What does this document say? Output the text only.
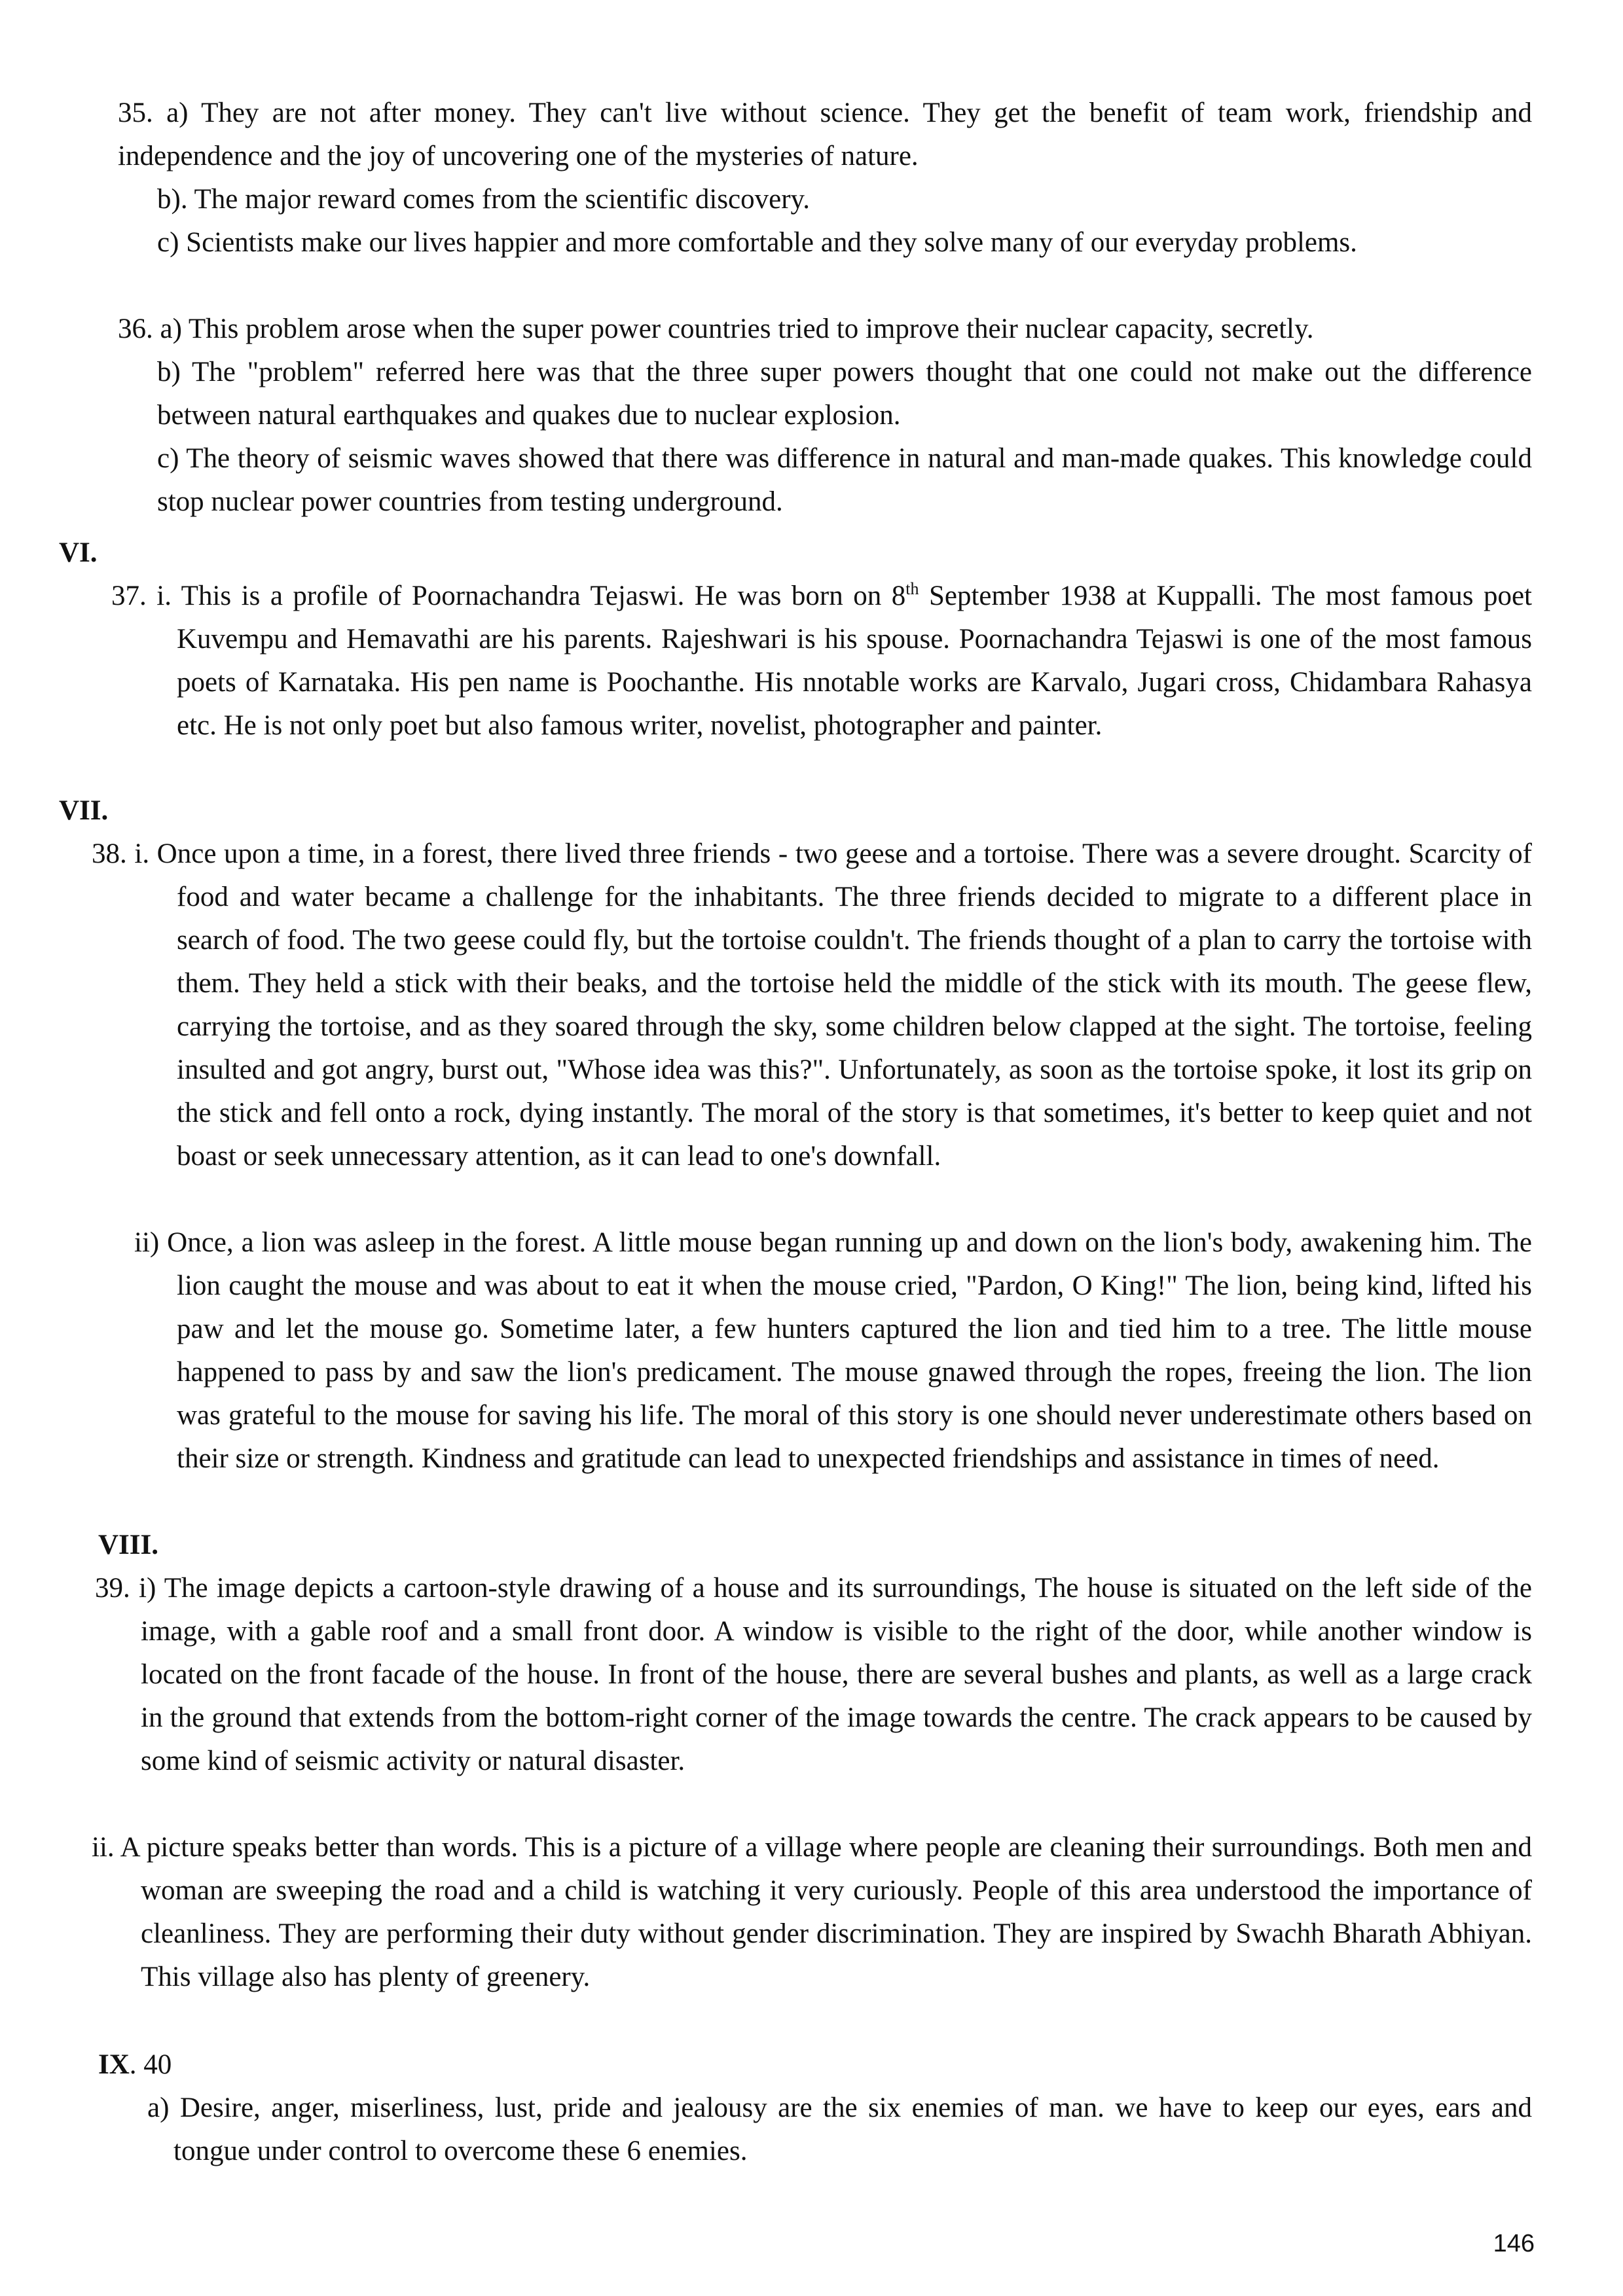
35. a) They are not after money. They can't live without science. They get the benefit of team work, friendship and independence and the joy of uncovering one of the mysteries of nature.

b). The major reward comes from the scientific discovery.

c) Scientists make our lives happier and more comfortable and they solve many of our everyday problems.

36. a) This problem arose when the super power countries tried to improve their nuclear capacity, secretly.

b) The "problem" referred here was that the three super powers thought that one could not make out the difference between natural earthquakes and quakes due to nuclear explosion.

c) The theory of seismic waves showed that there was difference in natural and man-made quakes. This knowledge could stop nuclear power countries from testing underground.

VI.

37. i. This is a profile of Poornachandra Tejaswi. He was born on 8th September 1938 at Kuppalli. The most famous poet Kuvempu and Hemavathi are his parents. Rajeshwari is his spouse. Poornachandra Tejaswi is one of the most famous poets of Karnataka. His pen name is Poochanthe. His nnotable works are Karvalo, Jugari cross, Chidambara Rahasya etc. He is not only poet but also famous writer, novelist, photographer and painter.

VII.

38. i. Once upon a time, in a forest, there lived three friends - two geese and a tortoise. There was a severe drought. Scarcity of food and water became a challenge for the inhabitants. The three friends decided to migrate to a different place in search of food. The two geese could fly, but the tortoise couldn't. The friends thought of a plan to carry the tortoise with them. They held a stick with their beaks, and the tortoise held the middle of the stick with its mouth. The geese flew, carrying the tortoise, and as they soared through the sky, some children below clapped at the sight. The tortoise, feeling insulted and got angry, burst out, "Whose idea was this?". Unfortunately, as soon as the tortoise spoke, it lost its grip on the stick and fell onto a rock, dying instantly. The moral of the story is that sometimes, it's better to keep quiet and not boast or seek unnecessary attention, as it can lead to one's downfall.

ii) Once, a lion was asleep in the forest. A little mouse began running up and down on the lion's body, awakening him. The lion caught the mouse and was about to eat it when the mouse cried, "Pardon, O King!" The lion, being kind, lifted his paw and let the mouse go. Sometime later, a few hunters captured the lion and tied him to a tree. The little mouse happened to pass by and saw the lion's predicament. The mouse gnawed through the ropes, freeing the lion. The lion was grateful to the mouse for saving his life. The moral of this story is one should never underestimate others based on their size or strength. Kindness and gratitude can lead to unexpected friendships and assistance in times of need.

VIII.

39. i) The image depicts a cartoon-style drawing of a house and its surroundings, The house is situated on the left side of the image, with a gable roof and a small front door. A window is visible to the right of the door, while another window is located on the front facade of the house. In front of the house, there are several bushes and plants, as well as a large crack in the ground that extends from the bottom-right corner of the image towards the centre. The crack appears to be caused by some kind of seismic activity or natural disaster.

ii. A picture speaks better than words. This is a picture of a village where people are cleaning their surroundings. Both men and woman are sweeping the road and a child is watching it very curiously. People of this area understood the importance of cleanliness. They are performing their duty without gender discrimination. They are inspired by Swachh Bharath Abhiyan. This village also has plenty of greenery.

IX. 40

a) Desire, anger, miserliness, lust, pride and jealousy are the six enemies of man. we have to keep our eyes, ears and tongue under control to overcome these 6 enemies.

146
